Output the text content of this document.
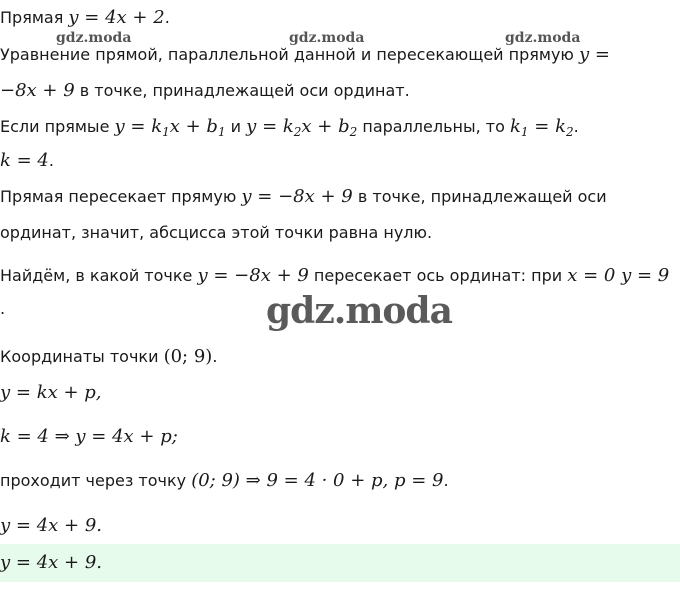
gdz.moda	gdz.moda	gdz.moda
gdz.moda
Прямая y = 4x + 2.
Уравнение прямой, параллельной данной и пересекающей прямую y =
−8x + 9 в точке, принадлежащей оси ординат.
Если прямые $y = k_1x + b_1$ и $y = k_2x + b_2$ параллельны, то $k_1 = k_2$.
k = 4.
Прямая пересекает прямую y = −8x + 9 в точке, принадлежащей оси
ординат, значит, абсцисса этой точки равна нулю.
Найдём, в какой точке y = −8x + 9 пересекает ось ординат: при x = 0 y = 9
.
Координаты точки (0; 9).
y = kx + p,
k = 4 ⇒ y = 4x + p;
проходит через точку (0; 9) ⇒ 9 = 4 · 0 + p, p = 9.
y = 4x + 9.
y = 4x + 9.
